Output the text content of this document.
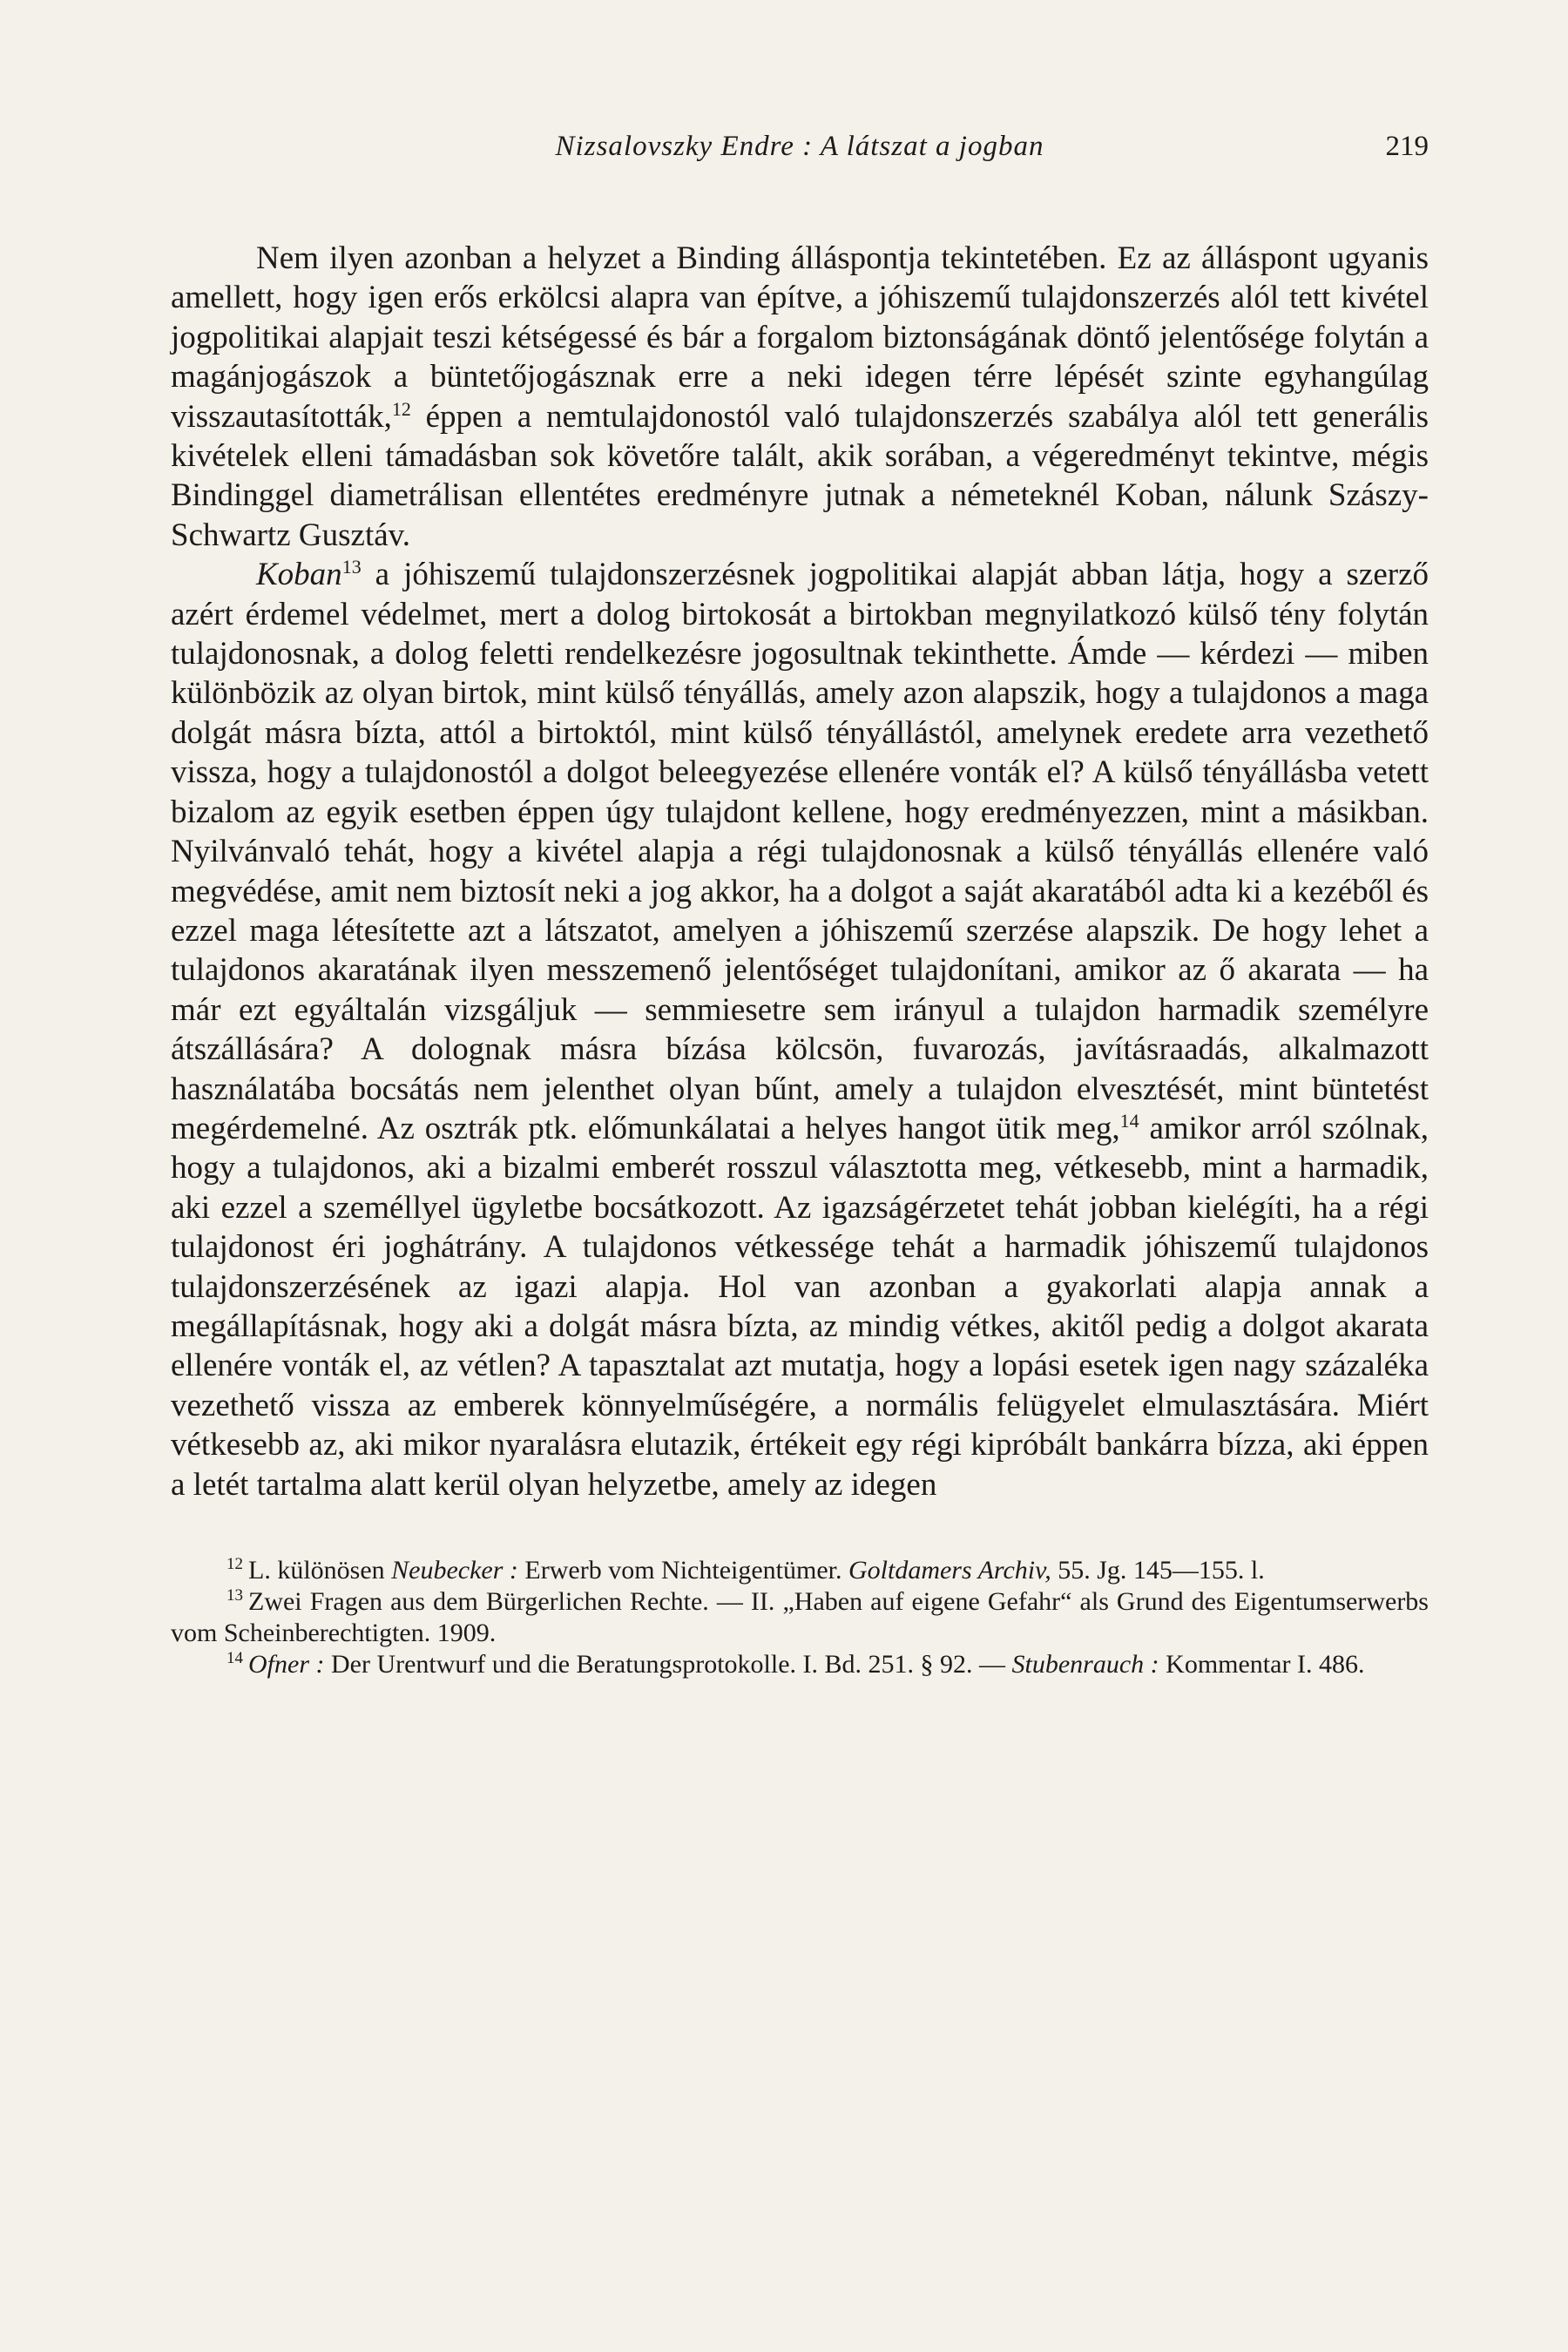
Nizsalovszky Endre : A látszat a jogban	219

Nem ilyen azonban a helyzet a Binding álláspontja tekintetében. Ez az álláspont ugyanis amellett, hogy igen erős erkölcsi alapra van építve, a jóhiszemű tulajdonszerzés alól tett kivétel jogpolitikai alapjait teszi kétségessé és bár a forgalom biztonságának döntő jelentősége folytán a magánjogászok a büntetőjogásznak erre a neki idegen térre lépését szinte egyhangúlag visszautasították,$^{12}$ éppen a nemtulajdonostól való tulajdonszerzés szabálya alól tett generális kivételek elleni támadásban sok követőre talált, akik sorában, a végeredményt tekintve, mégis Bindinggel diametrálisan ellentétes eredményre jutnak a németeknél Koban, nálunk Szászy-Schwartz Gusztáv.

Koban$^{13}$ a jóhiszemű tulajdonszerzésnek jogpolitikai alapját abban látja, hogy a szerző azért érdemel védelmet, mert a dolog birtokosát a birtokban megnyilatkozó külső tény folytán tulajdonosnak, a dolog feletti rendelkezésre jogosultnak tekinthette. Ámde — kérdezi — miben különbözik az olyan birtok, mint külső tényállás, amely azon alapszik, hogy a tulajdonos a maga dolgát másra bízta, attól a birtoktól, mint külső tényállástól, amelynek eredete arra vezethető vissza, hogy a tulajdonostól a dolgot beleegyezése ellenére vonták el? A külső tényállásba vetett bizalom az egyik esetben éppen úgy tulajdont kellene, hogy eredményezzen, mint a másikban. Nyilvánvaló tehát, hogy a kivétel alapja a régi tulajdonosnak a külső tényállás ellenére való megvédése, amit nem biztosít neki a jog akkor, ha a dolgot a saját akaratából adta ki a kezéből és ezzel maga létesítette azt a látszatot, amelyen a jóhiszemű szerzése alapszik. De hogy lehet a tulajdonos akaratának ilyen messzemenő jelentőséget tulajdonítani, amikor az ő akarata — ha már ezt egyáltalán vizsgáljuk — semmiesetre sem irányul a tulajdon harmadik személyre átszállására? A dolognak másra bízása kölcsön, fuvarozás, javításraadás, alkalmazott használatába bocsátás nem jelenthet olyan bűnt, amely a tulajdon elvesztését, mint büntetést megérdemelné. Az osztrák ptk. előmunkálatai a helyes hangot ütik meg,$^{14}$ amikor arról szólnak, hogy a tulajdonos, aki a bizalmi emberét rosszul választotta meg, vétkesebb, mint a harmadik, aki ezzel a személlyel ügyletbe bocsátkozott. Az igazságérzetet tehát jobban kielégíti, ha a régi tulajdonost éri joghátrány. A tulajdonos vétkessége tehát a harmadik jóhiszemű tulajdonos tulajdonszerzésének az igazi alapja. Hol van azonban a gyakorlati alapja annak a megállapításnak, hogy aki a dolgát másra bízta, az mindig vétkes, akitől pedig a dolgot akarata ellenére vonták el, az vétlen? A tapasztalat azt mutatja, hogy a lopási esetek igen nagy százaléka vezethető vissza az emberek könnyelműségére, a normális felügyelet elmulasztására. Miért vétkesebb az, aki mikor nyaralásra elutazik, értékeit egy régi kipróbált bankárra bízza, aki éppen a letét tartalma alatt kerül olyan helyzetbe, amely az idegen

$^{12}$ L. különösen Neubecker : Erwerb vom Nichteigentümer. Goltdamers Archiv, 55. Jg. 145—155. l.

$^{13}$ Zwei Fragen aus dem Bürgerlichen Rechte. — II. „Haben auf eigene Gefahr“ als Grund des Eigentumserwerbs vom Scheinberechtigten. 1909.

$^{14}$ Ofner : Der Urentwurf und die Beratungsprotokolle. I. Bd. 251. § 92. — Stubenrauch : Kommentar I. 486.
